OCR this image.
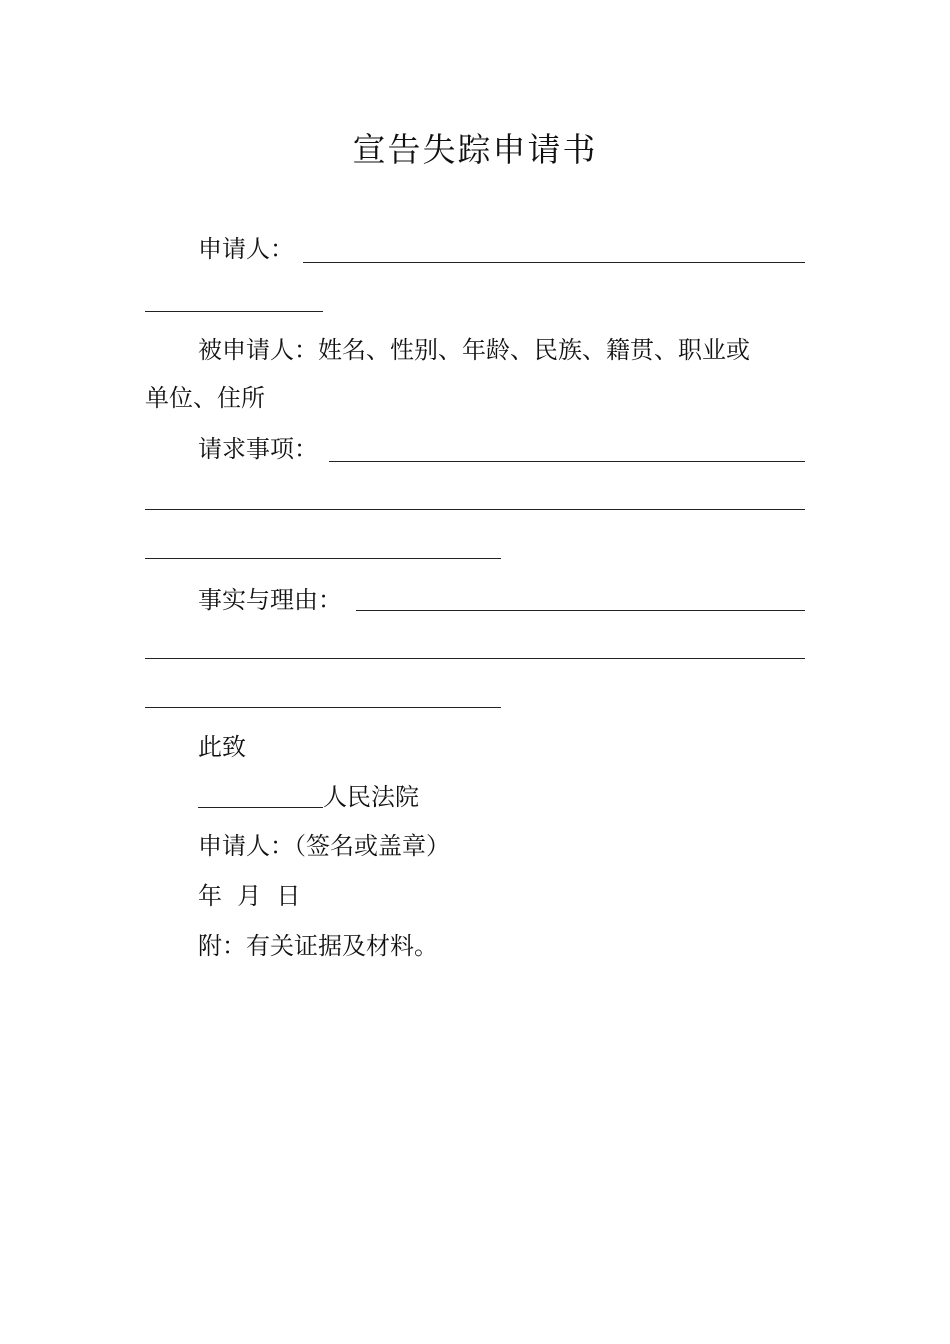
宣告失踪申请书
申请人：
被申请人：姓名、性别、年龄、民族、籍贯、职业或
单位、住所
请求事项：
事实与理由：
此致
人民法院
申请人：（签名或盖章）
年  月  日
附：有关证据及材料。
